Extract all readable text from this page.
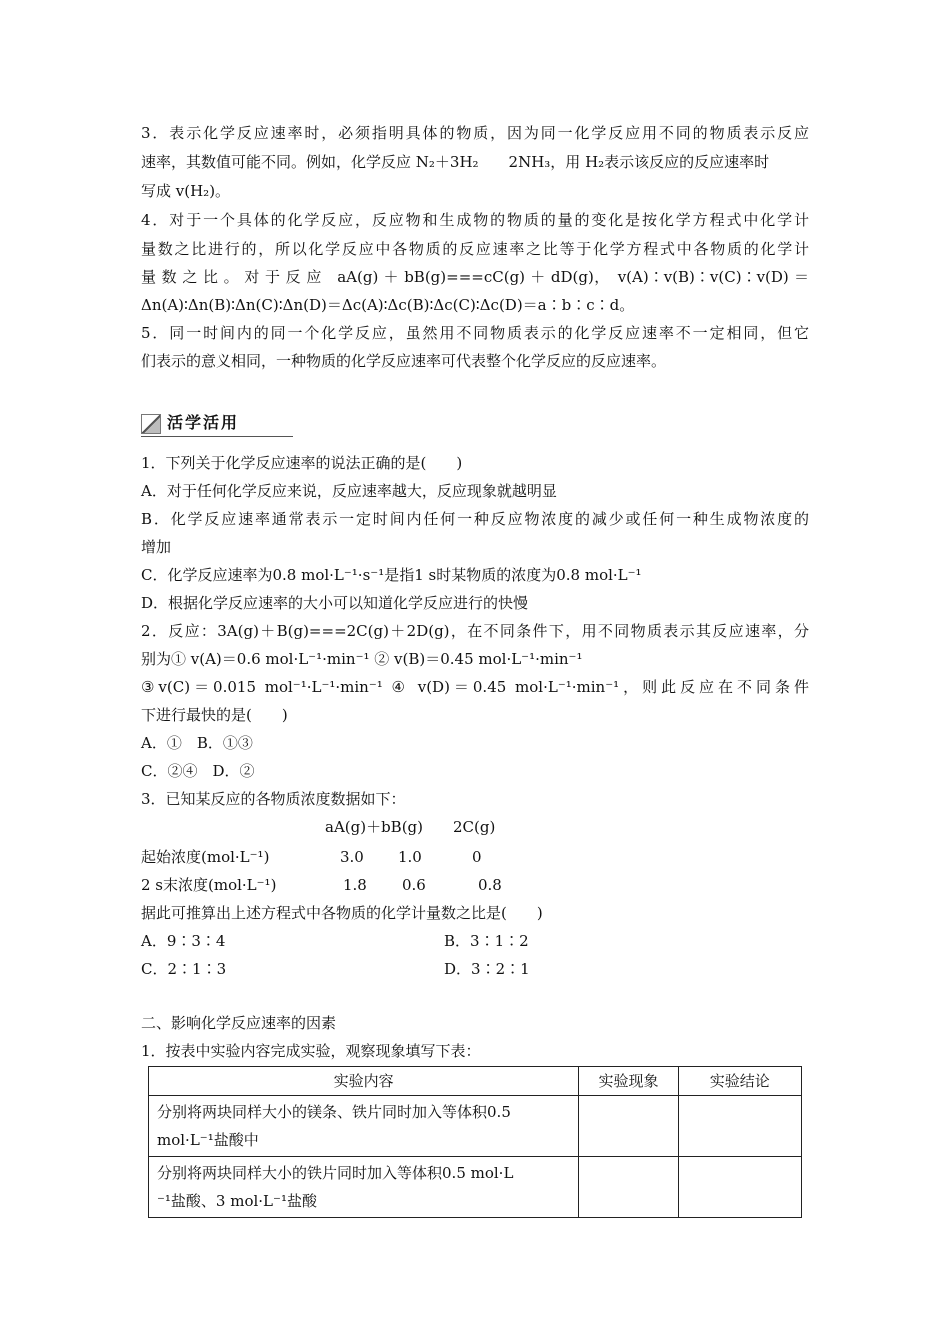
3．表示化学反应速率时，必须指明具体的物质，因为同一化学反应用不同的物质表示反应
速率，其数值可能不同。例如，化学反应 N₂＋3H₂　　2NH₃，用 H₂表示该反应的反应速率时
写成 v(H₂)。
4．对于一个具体的化学反应，反应物和生成物的物质的量的变化是按化学方程式中化学计
量数之比进行的，所以化学反应中各物质的反应速率之比等于化学方程式中各物质的化学计
量 数 之 比 。 对 于 反 应　aA(g) ＋ bB(g)===cC(g) ＋ dD(g)，　v(A)∶v(B)∶v(C)∶v(D) ＝
Δn(A)∶Δn(B)∶Δn(C)∶Δn(D)＝Δc(A)∶Δc(B)∶Δc(C)∶Δc(D)＝a∶b∶c∶d。
5．同一时间内的同一个化学反应，虽然用不同物质表示的化学反应速率不一定相同，但它
们表示的意义相同，一种物质的化学反应速率可代表整个化学反应的反应速率。
活学活用
1．下列关于化学反应速率的说法正确的是(　　)
A．对于任何化学反应来说，反应速率越大，反应现象就越明显
B．化学反应速率通常表示一定时间内任何一种反应物浓度的减少或任何一种生成物浓度的
增加
C．化学反应速率为0.8 mol·L⁻¹·s⁻¹是指1 s时某物质的浓度为0.8 mol·L⁻¹
D．根据化学反应速率的大小可以知道化学反应进行的快慢
2．反应：3A(g)＋B(g)===2C(g)＋2D(g)，在不同条件下，用不同物质表示其反应速率，分
别为① v(A)＝0.6 mol·L⁻¹·min⁻¹ ② v(B)＝0.45 mol·L⁻¹·min⁻¹
③v(C)＝0.015 mol⁻¹·L⁻¹·min⁻¹ ④ v(D)＝0.45 mol·L⁻¹·min⁻¹，则此反应在不同条件
下进行最快的是(　　)
A．①　B．①③
C．②④　D．②
3．已知某反应的各物质浓度数据如下：
aA(g)＋bB(g)　　2C(g)
起始浓度(mol·L⁻¹)	3.0 1.0	0
2 s末浓度(mol·L⁻¹)	1.8 0.6	0.8
据此可推算出上述方程式中各物质的化学计量数之比是(　　)
A．9∶3∶4	B．3∶1∶2
C．2∶1∶3	D．3∶2∶1
二、影响化学反应速率的因素
1．按表中实验内容完成实验，观察现象填写下表：
实验内容	实验现象	实验结论

分别将两块同样大小的镁条、铁片同时加入等体积0.5
mol·L⁻¹盐酸中		

分别将两块同样大小的铁片同时加入等体积0.5 mol·L
⁻¹盐酸、3 mol·L⁻¹盐酸		
